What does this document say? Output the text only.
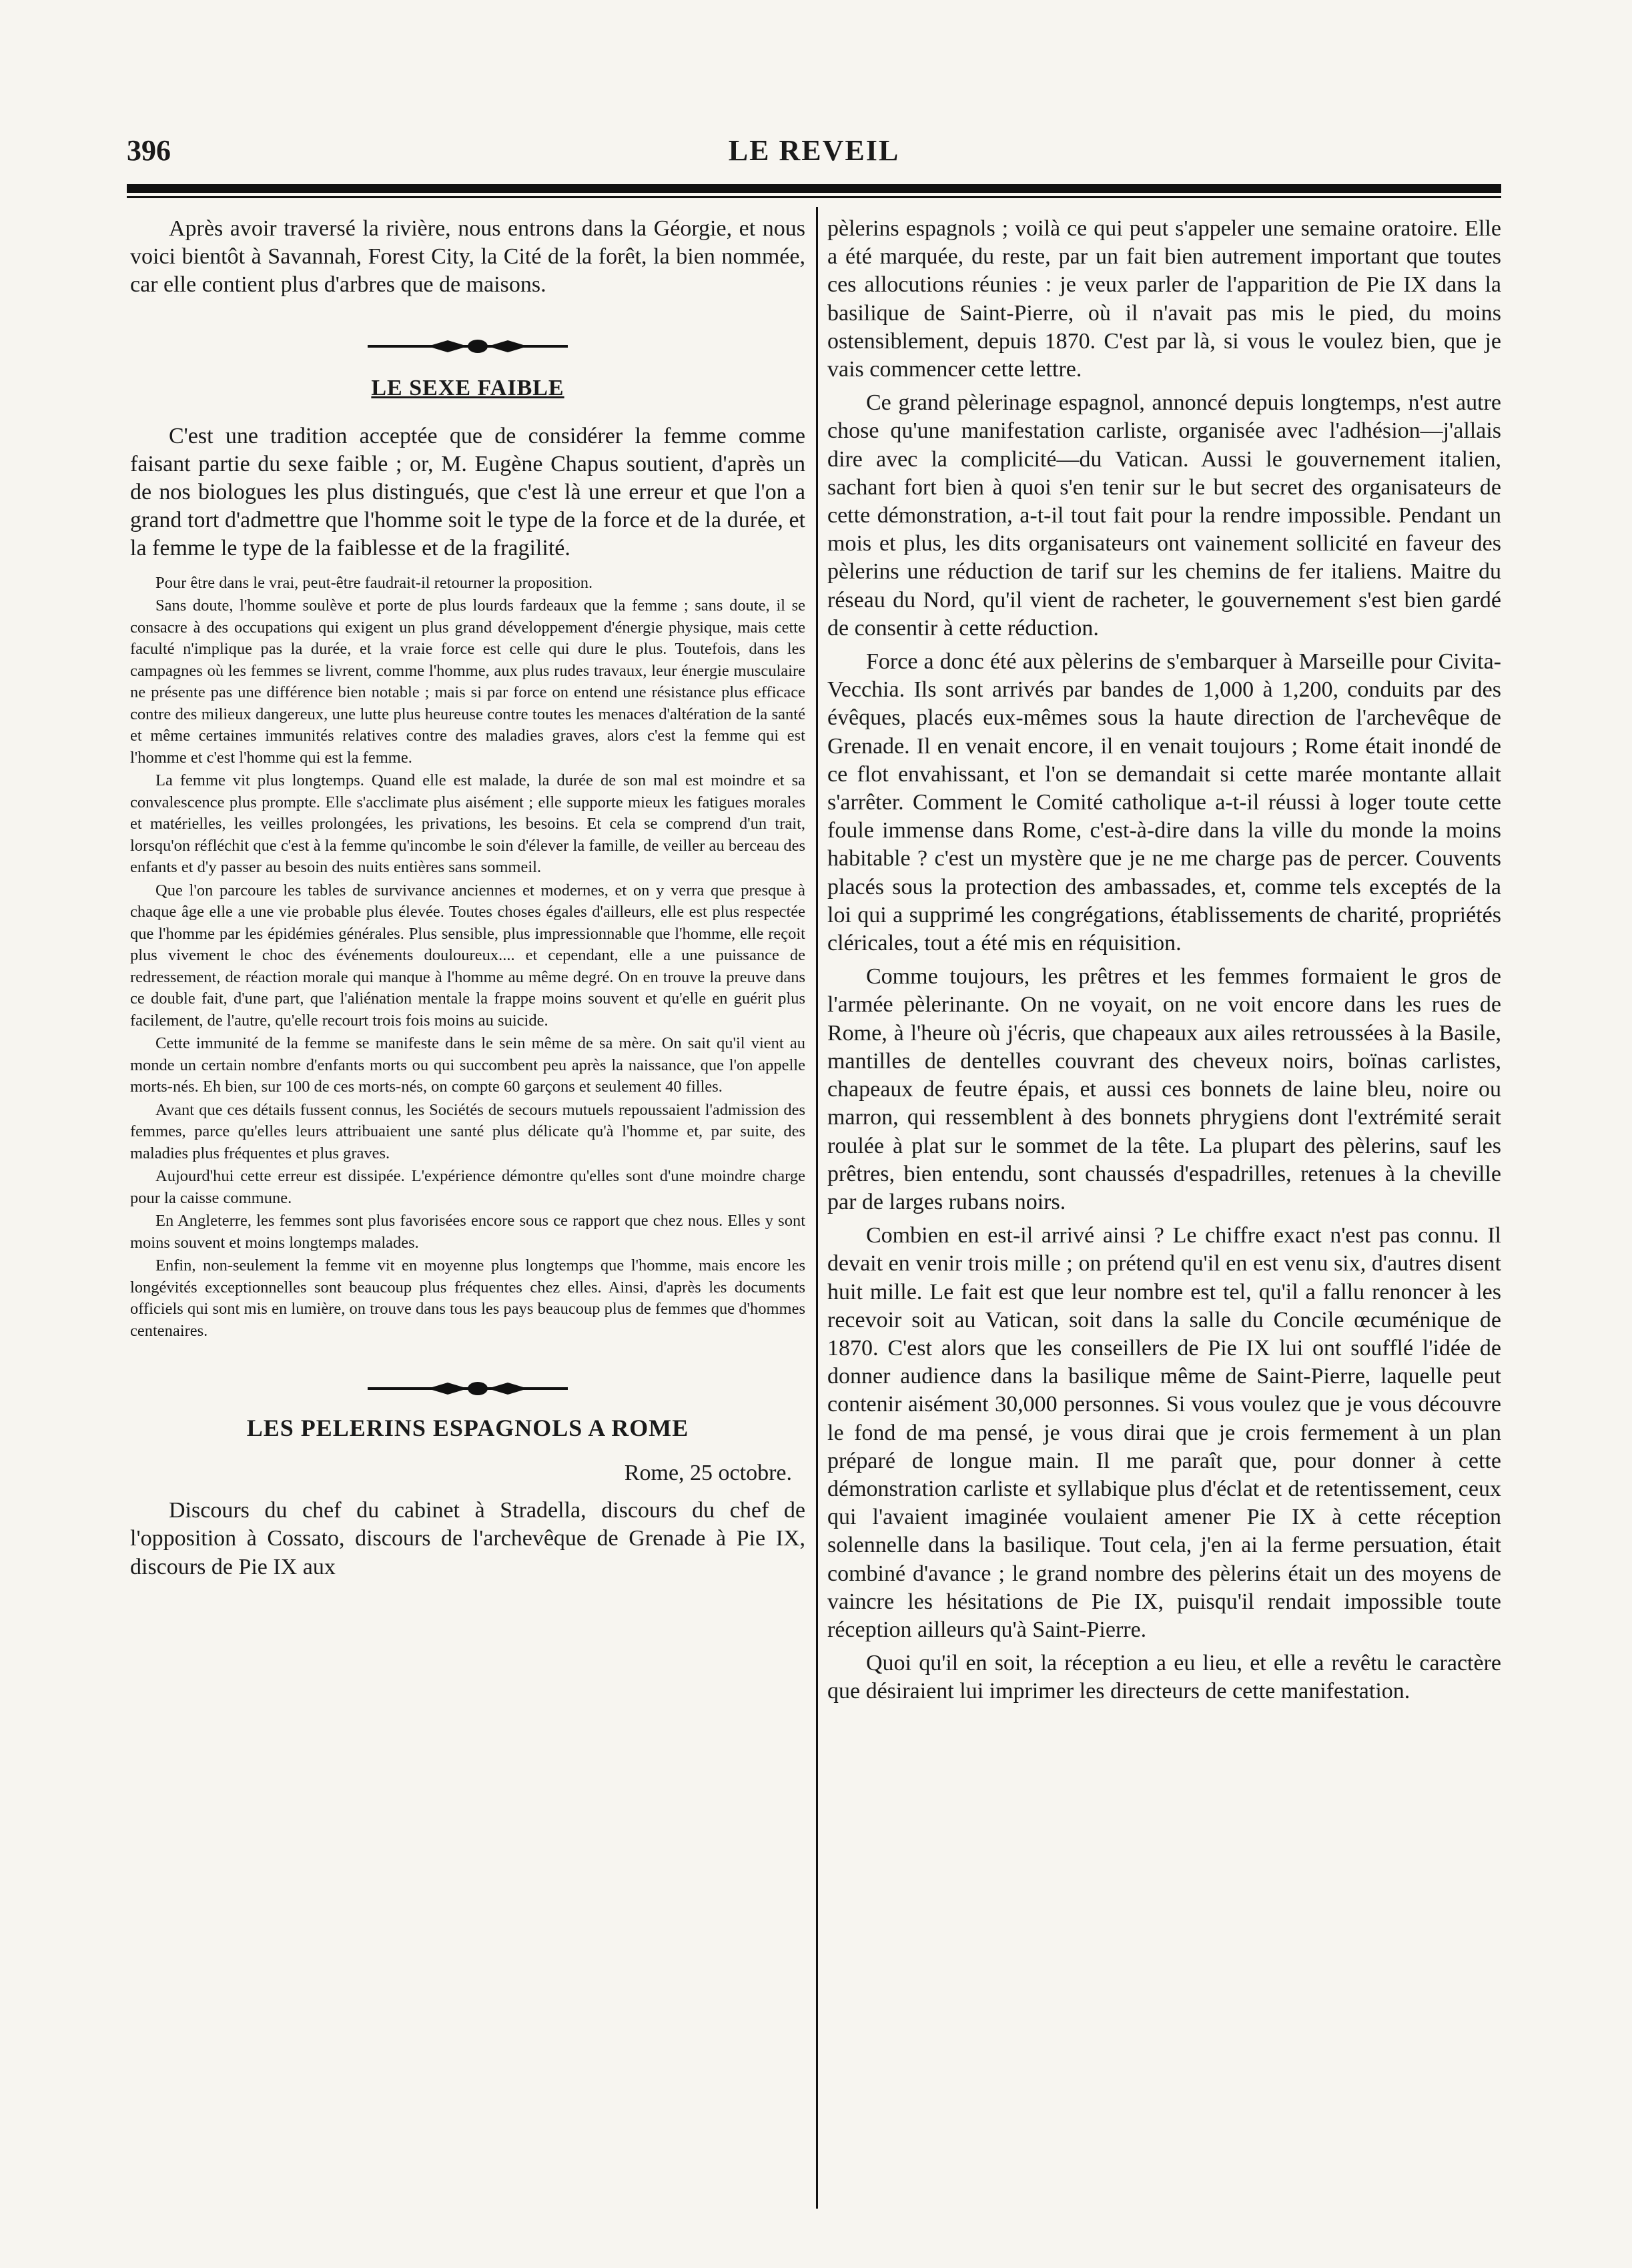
396	LE REVEIL

Après avoir traversé la rivière, nous entrons dans la Géorgie, et nous voici bientôt à Savannah, Forest City, la Cité de la forêt, la bien nommée, car elle contient plus d'arbres que de maisons.

LE SEXE FAIBLE

C'est une tradition acceptée que de considérer la femme comme faisant partie du sexe faible ; or, M. Eugène Chapus soutient, d'après un de nos biologues les plus distingués, que c'est là une erreur et que l'on a grand tort d'admettre que l'homme soit le type de la force et de la durée, et la femme le type de la faiblesse et de la fragilité.

Pour être dans le vrai, peut-être faudrait-il retourner la proposition.

Sans doute, l'homme soulève et porte de plus lourds fardeaux que la femme ; sans doute, il se consacre à des occupations qui exigent un plus grand développement d'énergie physique, mais cette faculté n'implique pas la durée, et la vraie force est celle qui dure le plus. Toutefois, dans les campagnes où les femmes se livrent, comme l'homme, aux plus rudes travaux, leur énergie musculaire ne présente pas une différence bien notable ; mais si par force on entend une résistance plus efficace contre des milieux dangereux, une lutte plus heureuse contre toutes les menaces d'altération de la santé et même certaines immunités relatives contre des maladies graves, alors c'est la femme qui est l'homme et c'est l'homme qui est la femme.

La femme vit plus longtemps. Quand elle est malade, la durée de son mal est moindre et sa convalescence plus prompte. Elle s'acclimate plus aisément ; elle supporte mieux les fatigues morales et matérielles, les veilles prolongées, les privations, les besoins. Et cela se comprend d'un trait, lorsqu'on réfléchit que c'est à la femme qu'incombe le soin d'élever la famille, de veiller au berceau des enfants et d'y passer au besoin des nuits entières sans sommeil.

Que l'on parcoure les tables de survivance anciennes et modernes, et on y verra que presque à chaque âge elle a une vie probable plus élevée. Toutes choses égales d'ailleurs, elle est plus respectée que l'homme par les épidémies générales. Plus sensible, plus impressionnable que l'homme, elle reçoit plus vivement le choc des événements douloureux.... et cependant, elle a une puissance de redressement, de réaction morale qui manque à l'homme au même degré. On en trouve la preuve dans ce double fait, d'une part, que l'aliénation mentale la frappe moins souvent et qu'elle en guérit plus facilement, de l'autre, qu'elle recourt trois fois moins au suicide.

Cette immunité de la femme se manifeste dans le sein même de sa mère. On sait qu'il vient au monde un certain nombre d'enfants morts ou qui succombent peu après la naissance, que l'on appelle morts-nés. Eh bien, sur 100 de ces morts-nés, on compte 60 garçons et seulement 40 filles.

Avant que ces détails fussent connus, les Sociétés de secours mutuels repoussaient l'admission des femmes, parce qu'elles leurs attribuaient une santé plus délicate qu'à l'homme et, par suite, des maladies plus fréquentes et plus graves.

Aujourd'hui cette erreur est dissipée. L'expérience démontre qu'elles sont d'une moindre charge pour la caisse commune.

En Angleterre, les femmes sont plus favorisées encore sous ce rapport que chez nous. Elles y sont moins souvent et moins longtemps malades.

Enfin, non-seulement la femme vit en moyenne plus longtemps que l'homme, mais encore les longévités exceptionnelles sont beaucoup plus fréquentes chez elles. Ainsi, d'après les documents officiels qui sont mis en lumière, on trouve dans tous les pays beaucoup plus de femmes que d'hommes centenaires.

LES PELERINS ESPAGNOLS A ROME
Rome, 25 octobre.

Discours du chef du cabinet à Stradella, discours du chef de l'opposition à Cossato, discours de l'archevêque de Grenade à Pie IX, discours de Pie IX aux

pèlerins espagnols ; voilà ce qui peut s'appeler une semaine oratoire. Elle a été marquée, du reste, par un fait bien autrement important que toutes ces allocutions réunies : je veux parler de l'apparition de Pie IX dans la basilique de Saint-Pierre, où il n'avait pas mis le pied, du moins ostensiblement, depuis 1870. C'est par là, si vous le voulez bien, que je vais commencer cette lettre.

Ce grand pèlerinage espagnol, annoncé depuis longtemps, n'est autre chose qu'une manifestation carliste, organisée avec l'adhésion—j'allais dire avec la complicité—du Vatican. Aussi le gouvernement italien, sachant fort bien à quoi s'en tenir sur le but secret des organisateurs de cette démonstration, a-t-il tout fait pour la rendre impossible. Pendant un mois et plus, les dits organisateurs ont vainement sollicité en faveur des pèlerins une réduction de tarif sur les chemins de fer italiens. Maitre du réseau du Nord, qu'il vient de racheter, le gouvernement s'est bien gardé de consentir à cette réduction.

Force a donc été aux pèlerins de s'embarquer à Marseille pour Civita-Vecchia. Ils sont arrivés par bandes de 1,000 à 1,200, conduits par des évêques, placés eux-mêmes sous la haute direction de l'archevêque de Grenade. Il en venait encore, il en venait toujours ; Rome était inondé de ce flot envahissant, et l'on se demandait si cette marée montante allait s'arrêter. Comment le Comité catholique a-t-il réussi à loger toute cette foule immense dans Rome, c'est-à-dire dans la ville du monde la moins habitable ? c'est un mystère que je ne me charge pas de percer. Couvents placés sous la protection des ambassades, et, comme tels exceptés de la loi qui a supprimé les congrégations, établissements de charité, propriétés cléricales, tout a été mis en réquisition.

Comme toujours, les prêtres et les femmes formaient le gros de l'armée pèlerinante. On ne voyait, on ne voit encore dans les rues de Rome, à l'heure où j'écris, que chapeaux aux ailes retroussées à la Basile, mantilles de dentelles couvrant des cheveux noirs, boïnas carlistes, chapeaux de feutre épais, et aussi ces bonnets de laine bleu, noire ou marron, qui ressemblent à des bonnets phrygiens dont l'extrémité serait roulée à plat sur le sommet de la tête. La plupart des pèlerins, sauf les prêtres, bien entendu, sont chaussés d'espadrilles, retenues à la cheville par de larges rubans noirs.

Combien en est-il arrivé ainsi ? Le chiffre exact n'est pas connu. Il devait en venir trois mille ; on prétend qu'il en est venu six, d'autres disent huit mille. Le fait est que leur nombre est tel, qu'il a fallu renoncer à les recevoir soit au Vatican, soit dans la salle du Concile œcuménique de 1870. C'est alors que les conseillers de Pie IX lui ont soufflé l'idée de donner audience dans la basilique même de Saint-Pierre, laquelle peut contenir aisément 30,000 personnes. Si vous voulez que je vous découvre le fond de ma pensé, je vous dirai que je crois fermement à un plan préparé de longue main. Il me paraît que, pour donner à cette démonstration carliste et syllabique plus d'éclat et de retentissement, ceux qui l'avaient imaginée voulaient amener Pie IX à cette réception solennelle dans la basilique. Tout cela, j'en ai la ferme persuation, était combiné d'avance ; le grand nombre des pèlerins était un des moyens de vaincre les hésitations de Pie IX, puisqu'il rendait impossible toute réception ailleurs qu'à Saint-Pierre.

Quoi qu'il en soit, la réception a eu lieu, et elle a revêtu le caractère que désiraient lui imprimer les directeurs de cette manifestation.
